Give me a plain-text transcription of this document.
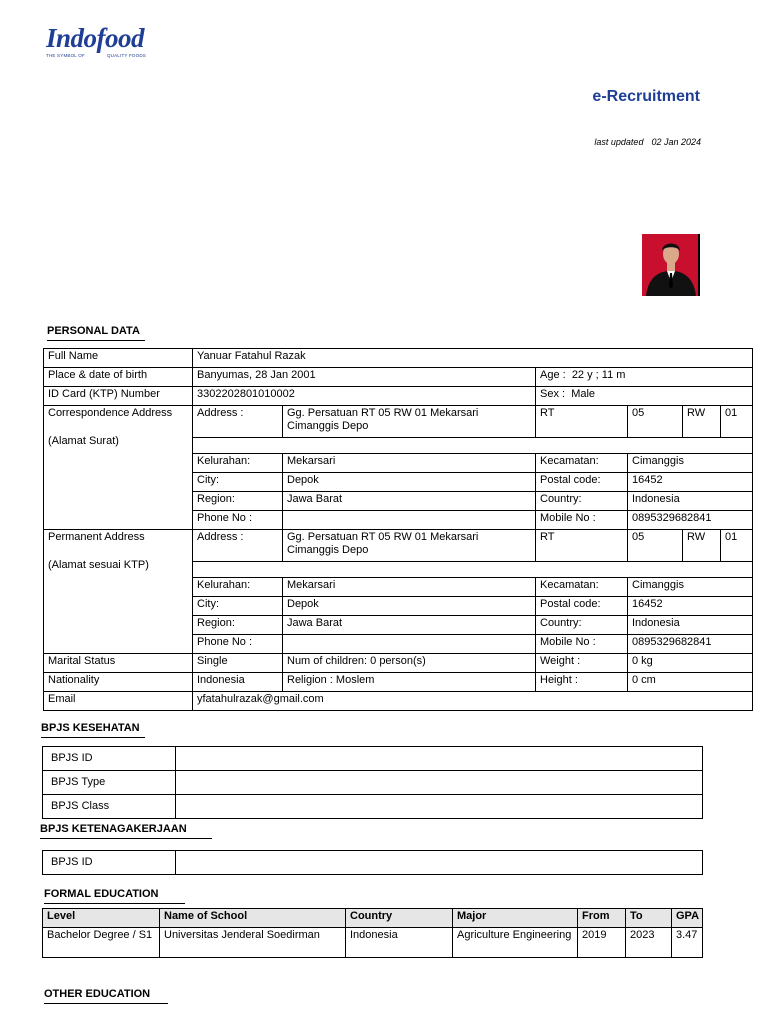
Indofood
THE SYMBOL OF	QUALITY FOODS
e-Recruitment
last updated 02 Jan 2024
PERSONAL DATA
Full Name	Yanuar Fatahul Razak					
Place & date of birth	Banyumas, 28 Jan 2001		Age : 22 y ; 11 m			
ID Card (KTP) Number	3302202801010002		Sex : Male			

Correspondence Address
(Alamat Surat)	Address :	Gg. Persatuan RT 05 RW 01 Mekarsari Cimanggis Depo	RT	05	RW	01

	Kelurahan:	Mekarsari	Kecamatan:	Cimanggis		
	City:	Depok	Postal code:	16452		
	Region:	Jawa Barat	Country:	Indonesia		
	Phone No :		Mobile No :	0895329682841		

Permanent Address
(Alamat sesuai KTP)	Address :	Gg. Persatuan RT 05 RW 01 Mekarsari Cimanggis Depo	RT	05	RW	01

	Kelurahan:	Mekarsari	Kecamatan:	Cimanggis		
	City:	Depok	Postal code:	16452		
	Region:	Jawa Barat	Country:	Indonesia		
	Phone No :		Mobile No :	0895329682841		
Marital Status	Single	Num of children: 0 person(s)	Weight :	0 kg		
Nationality	Indonesia	Religion : Moslem	Height :	0 cm		
Email	yfatahulrazak@gmail.com					
BPJS KESEHATAN
BPJS ID	
BPJS Type	
BPJS Class	
BPJS KETENAGAKERJAAN
BPJS ID	
FORMAL EDUCATION
Level	Name of School	Country	Major	From	To	GPA
Bachelor Degree / S1	Universitas Jenderal Soedirman	Indonesia	Agriculture Engineering	2019	2023	3.47
OTHER EDUCATION
